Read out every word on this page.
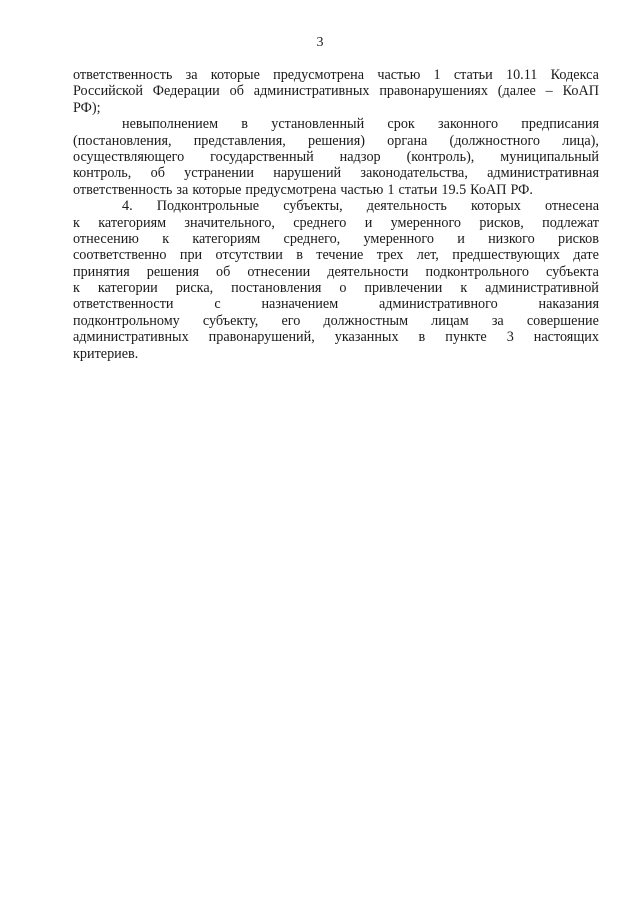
3
ответственность за которые предусмотрена частью 1 статьи 10.11 Кодекса
Российской Федерации об административных правонарушениях (далее – КоАП
РФ);
невыполнением в установленный срок законного предписания
(постановления, представления, решения) органа (должностного лица),
осуществляющего государственный надзор (контроль), муниципальный
контроль, об устранении нарушений законодательства, административная
ответственность за которые предусмотрена частью 1 статьи 19.5 КоАП РФ.
4. Подконтрольные субъекты, деятельность которых отнесена
к категориям значительного, среднего и умеренного рисков, подлежат
отнесению к категориям среднего, умеренного и низкого рисков
соответственно при отсутствии в течение трех лет, предшествующих дате
принятия решения об отнесении деятельности подконтрольного субъекта
к категории риска, постановления о привлечении к административной
ответственности	с	назначением	административного	наказания
подконтрольному субъекту, его должностным лицам за совершение
административных правонарушений, указанных в пункте 3 настоящих
критериев.
